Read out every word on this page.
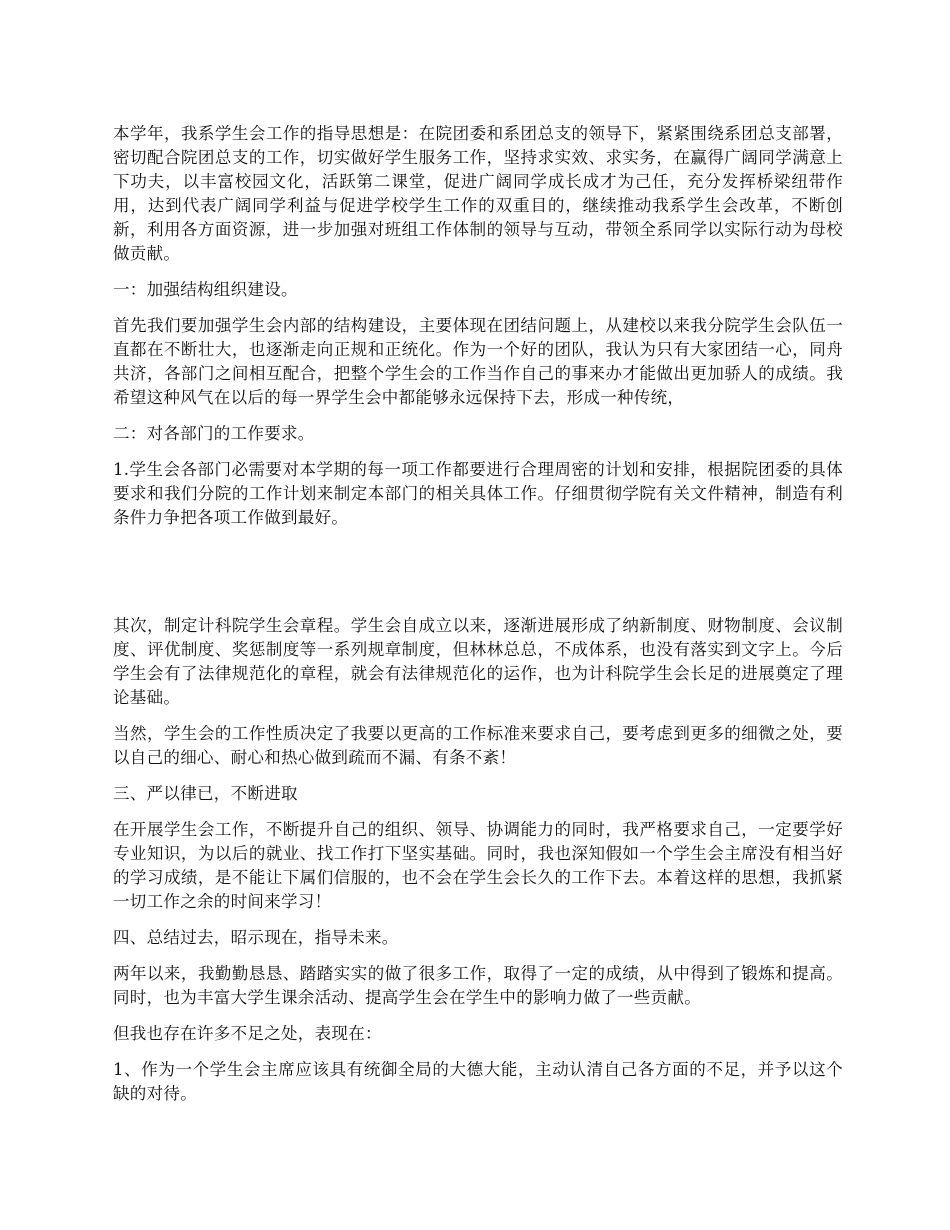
本学年，我系学生会工作的指导思想是：在院团委和系团总支的领导下，紧紧围绕系团总支部署，密切配合院团总支的工作，切实做好学生服务工作，坚持求实效、求实务，在赢得广阔同学满意上下功夫，以丰富校园文化，活跃第二课堂，促进广阔同学成长成才为己任，充分发挥桥梁纽带作用，达到代表广阔同学利益与促进学校学生工作的双重目的，继续推动我系学生会改革，不断创新，利用各方面资源，进一步加强对班组工作体制的领导与互动，带领全系同学以实际行动为母校做贡献。

一：加强结构组织建设。

首先我们要加强学生会内部的结构建设，主要体现在团结问题上，从建校以来我分院学生会队伍一直都在不断壮大，也逐渐走向正规和正统化。作为一个好的团队，我认为只有大家团结一心，同舟共济，各部门之间相互配合，把整个学生会的工作当作自己的事来办才能做出更加骄人的成绩。我希望这种风气在以后的每一界学生会中都能够永远保持下去，形成一种传统，

二：对各部门的工作要求。

1.学生会各部门必需要对本学期的每一项工作都要进行合理周密的计划和安排，根据院团委的具体要求和我们分院的工作计划来制定本部门的相关具体工作。仔细贯彻学院有关文件精神，制造有利条件力争把各项工作做到最好。

其次，制定计科院学生会章程。学生会自成立以来，逐渐进展形成了纳新制度、财物制度、会议制度、评优制度、奖惩制度等一系列规章制度，但林林总总，不成体系，也没有落实到文字上。今后学生会有了法律规范化的章程，就会有法律规范化的运作，也为计科院学生会长足的进展奠定了理论基础。

当然，学生会的工作性质决定了我要以更高的工作标准来要求自己，要考虑到更多的细微之处，要以自己的细心、耐心和热心做到疏而不漏、有条不紊！

三、严以律已，不断进取

在开展学生会工作，不断提升自己的组织、领导、协调能力的同时，我严格要求自己，一定要学好专业知识，为以后的就业、找工作打下坚实基础。同时，我也深知假如一个学生会主席没有相当好的学习成绩，是不能让下属们信服的，也不会在学生会长久的工作下去。本着这样的思想，我抓紧一切工作之余的时间来学习！

四、总结过去，昭示现在，指导未来。

两年以来，我勤勤恳恳、踏踏实实的做了很多工作，取得了一定的成绩，从中得到了锻炼和提高。同时，也为丰富大学生课余活动、提高学生会在学生中的影响力做了一些贡献。

但我也存在许多不足之处，表现在：

1、作为一个学生会主席应该具有统御全局的大德大能，主动认清自己各方面的不足，并予以这个缺的对待。
